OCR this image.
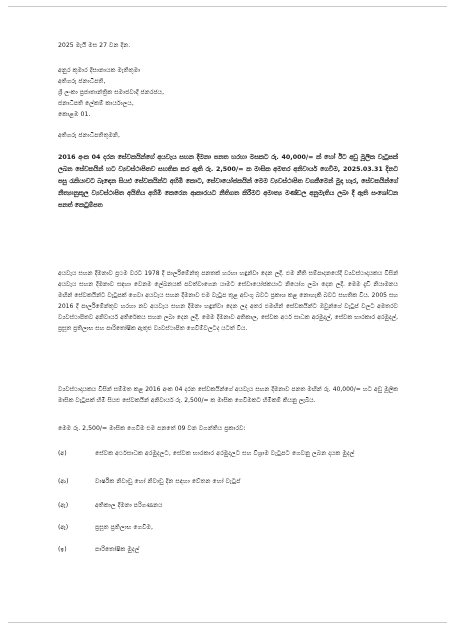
2025 මැයි මස 27 වන දින.
අනුර කුමාර දිසානායක මැතිතුමා
අතිගරු ජනාධිපති,
ශ්‍රී ලංකා ප්‍රජාතාන්ත්‍රික සමාජවාදී ජනරජය,
ජනාධිපති ලේකම් කාර්යාලය,
කොළඹ 01.
අතිගරු ජනාධිපතිතුමනි,
2016 අංක 04 දරන සේවකයින්ගේ අයවැය සහන දීමනා පනත හරහා මසකට රු. 40,000/= ක් හෝ ඊට අඩු මූලික වැටුපක් ලබන සේවකයින් හට ව්‍යවස්ථාපිතව සහතික කර ඇති රු. 2,500/= ක මාසික අමතර අනිවාර්ය ගෙවීම, 2025.03.31 දිනට පසු රැකියාවට බැඳෙන සියළු සේවකයින්ට අහිමි කොට, සේවායෝජකයින් මෙම ව්‍යවස්ථාපිත වගකීමෙන් මුදා හැර, සේවකයින්ගේ නීත්‍යානුකූල ව්‍යවස්ථාපිත අයිතිය අහිමි කෙරෙන ආකාරයට නීතිගත කිරීමට අමාත්‍ය මණ්ඩල අනුමැතිය ලබා දී ඇති සංශෝධන පනත් කෙටුම්පත
අයවැය සහන දීමනාව ප්‍රථම වරට 1978 දී පාර්ලිමේන්තු පනතක් හරහා හඳුන්වා දෙන ලදී. එම නීති සම්පාදනයේදී ව්‍යවස්ථාදායකය විසින් අයවැය සහන දීමනාව සඳහා වෙනම ලේඛනයක් පවත්වාගෙන යාමට සේවායෝජකයාට නියෝග ලබා දෙන ලදී. මෙම දැඩි නියාමනය මඟින් සේවකයින්ට වැටුපක් ගෙවා අයවැය සහන දීමනාව එම වැටුප තුළ අඩංගු බවට ප්‍රකාශ කළ නොහැකි බවට සහතික විය. 2005 සහ 2016 දී පාර්ලිමේන්තුව හරහා නව අයවැය සහන දීමනා හඳුන්වා දෙන ලද අතර එමඟින් සේවකයින්ට ඔවුන්ගේ වැටුප් වලට අමතරව ව්‍යවස්ථාපිතව අනිවාර්ය අතිරේකය සහන ලබා දෙන ලදී. මෙම දීමනාව අතිකාල, සේවක අර්ථ සාධක අරමුදල්, සේවක භාරකාර අරමුදල්, ප්‍රසූත ප්‍රතිලාභ සහ පාරිතෝෂික ඇතුළු ව්‍යවස්ථාපිත ගෙවීම්වලටද යටත් විය.
ව්‍යවස්ථාදායකය විසින් සම්මත කළ 2016 අංක 04 දරන සේවකයින්ගේ අයවැය සහන දීමනාව පනත මඟින් රු. 40,000/= හට අඩු මූලික මාසික වැටුපක් හිමි සියළු සේවකයින් අනිවාර්ය රු. 2,500/= ක මාසික ගෙවීමකට හිමිකම් කියනු ලැබීය.
මෙම රු. 2,500/= මාසික ගෙවීම එම පනතේ 09 වන වගන්තිය ප්‍රකාරව:
(අ)	සේවක අර්ථසාධක අරමුදලට, සේවක භාරකාර අරමුදලට සහ විශ්‍රාම වැටුපට ගෙවනු ලබන දායක මුදල්
(ආ)	වාර්ෂික නිවාඩු හෝ නිවාඩු දින සඳහා වේතන හෝ වැටුප්
(ඇ)	අතිකාල දීමනා පරිගණනය
(ඈ)	ප්‍රසූත ප්‍රතිලාභ ගෙවීම,
(ඉ)	පාරිතෝෂික මුදල්
